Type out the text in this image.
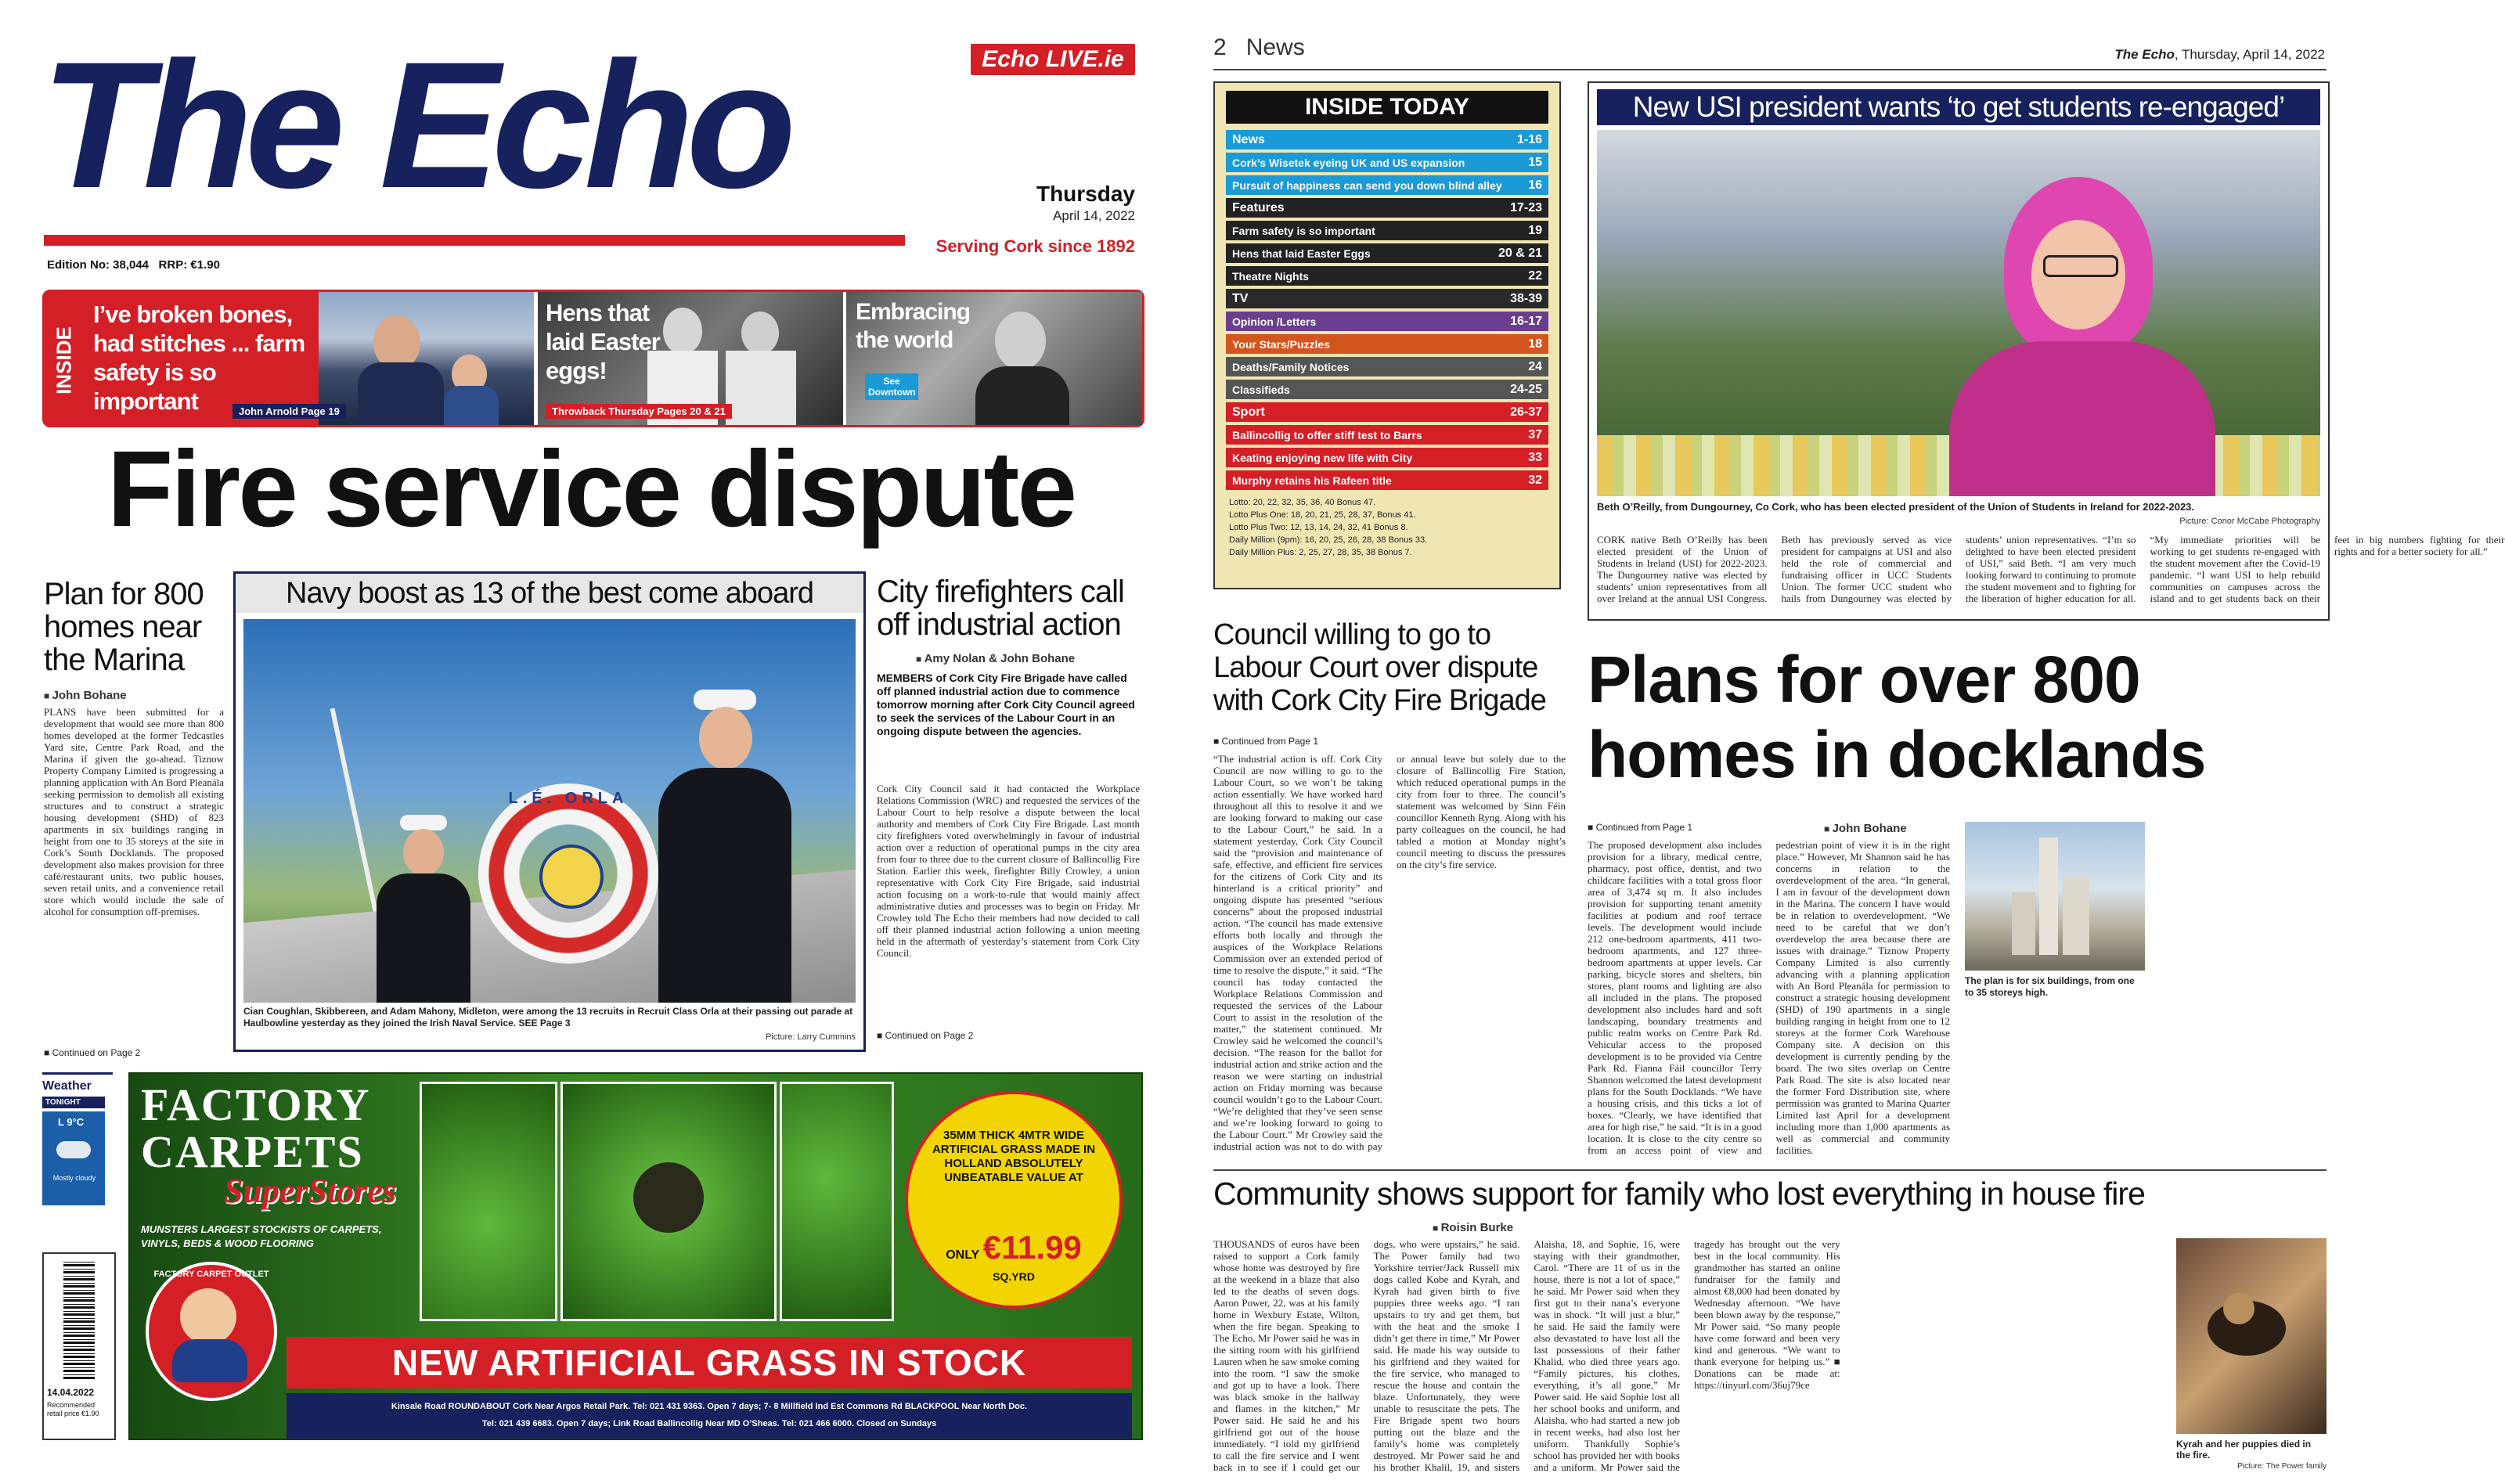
The Echo	Echo LIVE.ie
Thursday
April 14, 2022
Serving Cork since 1892
Edition No: 38,044 RRP: €1.90
INSIDE
I’ve broken bones, had stitches ... farm safety is so important	John Arnold Page 19
Hens that laid Easter eggs!
Throwback Thursday Pages 20 & 21
Embracing the world
See Downtown
Fire service dispute
Plan for 800 homes near the Marina
■ John Bohane
PLANS have been submitted for a development that would see more than 800 homes developed at the former Tedcastles Yard site, Centre Park Road, and the Marina if given the go-ahead. Tiznow Property Company Limited is progressing a planning application with An Bord Pleanála seeking permission to demolish all existing structures and to construct a strategic housing development (SHD) of 823 apartments in six buildings ranging in height from one to 35 storeys at the site in Cork’s South Docklands. The proposed development also makes provision for three café/restaurant units, two public houses, seven retail units, and a convenience retail store which would include the sale of alcohol for consumption off-premises.
■ Continued on Page 2
Navy boost as 13 of the best come aboard
L.É. ORLA
Cian Coughlan, Skibbereen, and Adam Mahony, Midleton, were among the 13 recruits in Recruit Class Orla at their passing out parade at Haulbowline yesterday as they joined the Irish Naval Service. SEE Page 3
Picture: Larry Cummins
City firefighters call off industrial action
■ Amy Nolan & John Bohane
MEMBERS of Cork City Fire Brigade have called off planned industrial action due to commence tomorrow morning after Cork City Council agreed to seek the services of the Labour Court in an ongoing dispute between the agencies.
Cork City Council said it had contacted the Workplace Relations Commission (WRC) and requested the services of the Labour Court to help resolve a dispute between the local authority and members of Cork City Fire Brigade. Last month city firefighters voted overwhelmingly in favour of industrial action over a reduction of operational pumps in the city area from four to three due to the current closure of Ballincollig Fire Station. Earlier this week, firefighter Billy Crowley, a union representative with Cork City Fire Brigade, said industrial action focusing on a work-to-rule that would mainly affect administrative duties and processes was to begin on Friday. Mr Crowley told The Echo their members had now decided to call off their planned industrial action following a union meeting held in the aftermath of yesterday’s statement from Cork City Council.
■ Continued on Page 2
Weather
TONIGHT
L 9°C
Mostly cloudy
14.04.2022
Recommended retail price €1.90
FACTORY
CARPETS
SuperStores
MUNSTERS LARGEST STOCKISTS OF CARPETS, VINYLS, BEDS & WOOD FLOORING
FACTORY CARPET OUTLET
35MM THICK 4MTR WIDE ARTIFICIAL GRASS MADE IN HOLLAND ABSOLUTELY UNBEATABLE VALUE AT
ONLY €11.99
SQ.YRD
NEW ARTIFICIAL GRASS IN STOCK
Kinsale Road ROUNDABOUT Cork Near Argos Retail Park. Tel: 021 431 9363. Open 7 days; 7- 8 Millfield Ind Est Commons Rd BLACKPOOL Near North Doc.
Tel: 021 439 6683. Open 7 days; Link Road Ballincollig Near MD O’Sheas. Tel: 021 466 6000. Closed on Sundays
2 News	The Echo, Thursday, April 14, 2022
INSIDE TODAY
News	1-16
Cork’s Wisetek eyeing UK and US expansion	15
Pursuit of happiness can send you down blind alley 16
Features	17-23
Farm safety is so important	19
Hens that laid Easter Eggs	20 & 21
Theatre Nights	22
TV	38-39
Opinion /Letters	16-17
Your Stars/Puzzles	18
Deaths/Family Notices	24
Classifieds	24-25
Sport	26-37
Ballincollig to offer stiff test to Barrs	37
Keating enjoying new life with City	33
Murphy retains his Rafeen title	32
Lotto: 20, 22, 32, 35, 36, 40 Bonus 47.
Lotto Plus One: 18, 20, 21, 25, 28, 37, Bonus 41.
Lotto Plus Two: 12, 13, 14, 24, 32, 41 Bonus 8.
Daily Million (9pm): 16, 20, 25, 26, 28, 38 Bonus 33.
Daily Million Plus: 2, 25, 27, 28, 35, 38 Bonus 7.
New USI president wants ‘to get students re-engaged’
Beth O’Reilly, from Dungourney, Co Cork, who has been elected president of the Union of Students in Ireland for 2022-2023.
Picture: Conor McCabe Photography
CORK native Beth O’Reilly has been elected president of the Union of Students in Ireland (USI) for 2022-2023. The Dungourney native was elected by students’ union representatives from all over Ireland at the annual USI Congress. Beth has previously served as vice president for campaigns at USI and also held the role of commercial and fundraising officer in UCC Students Union. The former UCC student who hails from Dungourney was elected by students’ union representatives. “I’m so delighted to have been elected president of USI,” said Beth. “I am very much looking forward to continuing to promote the student movement and to fighting for the liberation of higher education for all. “My immediate priorities will be working to get students re-engaged with the student movement after the Covid-19 pandemic. “I want USI to help rebuild communities on campuses across the island and to get students back on their feet in big numbers fighting for their rights and for a better society for all.”
Council willing to go to Labour Court over dispute with Cork City Fire Brigade
■ Continued from Page 1
“The industrial action is off. Cork City Council are now willing to go to the Labour Court, so we won’t be taking action essentially. We have worked hard throughout all this to resolve it and we are looking forward to making our case to the Labour Court,” he said. In a statement yesterday, Cork City Council said the “provision and maintenance of safe, effective, and efficient fire services for the citizens of Cork City and its hinterland is a critical priority” and ongoing dispute has presented “serious concerns” about the proposed industrial action. “The council has made extensive efforts both locally and through the auspices of the Workplace Relations Commission over an extended period of time to resolve the dispute,” it said. “The council has today contacted the Workplace Relations Commission and requested the services of the Labour Court to assist in the resolution of the matter,” the statement continued. Mr Crowley said he welcomed the council’s decision. “The reason for the ballot for industrial action and strike action and the reason we were starting on industrial action on Friday morning was because council wouldn’t go to the Labour Court. “We’re delighted that they’ve seen sense and we’re looking forward to going to the Labour Court.” Mr Crowley said the industrial action was not to do with pay or annual leave but solely due to the closure of Ballincollig Fire Station, which reduced operational pumps in the city from four to three. The council’s statement was welcomed by Sinn Féin councillor Kenneth Ryng. Along with his party colleagues on the council, he had tabled a motion at Monday night’s council meeting to discuss the pressures on the city’s fire service.
Plans for over 800 homes in docklands
■ Continued from Page 1	■ John Bohane
The plan is for six buildings, from one to 35 storeys high.
The proposed development also includes provision for a library, medical centre, pharmacy, post office, dentist, and two childcare facilities with a total gross floor area of 3,474 sq m. It also includes provision for supporting tenant amenity facilities at podium and roof terrace levels. The development would include 212 one-bedroom apartments, 411 two-bedroom apartments, and 127 three-bedroom apartments at upper levels. Car parking, bicycle stores and shelters, bin stores, plant rooms and lighting are also all included in the plans. The proposed development also includes hard and soft landscaping, boundary treatments and public realm works on Centre Park Rd. Vehicular access to the proposed development is to be provided via Centre Park Rd. Fianna Fáil councillor Terry Shannon welcomed the latest development plans for the South Docklands. “We have a housing crisis, and this ticks a lot of boxes. “Clearly, we have identified that area for high rise,” he said. “It is in a good location. It is close to the city centre so from an access point of view and pedestrian point of view it is in the right place.” However, Mr Shannon said he has concerns in relation to the overdevelopment of the area. “In general, I am in favour of the development down in the Marina. The concern I have would be in relation to overdevelopment. “We need to be careful that we don’t overdevelop the area because there are issues with drainage.” Tiznow Property Company Limited is also currently advancing with a planning application with An Bord Pleanála for permission to construct a strategic housing development (SHD) of 190 apartments in a single building ranging in height from one to 12 storeys at the former Cork Warehouse Company site. A decision on this development is currently pending by the board. The two sites overlap on Centre Park Road. The site is also located near the former Ford Distribution site, where permission was granted to Marina Quarter Limited last April for a development including more than 1,000 apartments as well as commercial and community facilities.
Community shows support for family who lost everything in house fire
■ Roisin Burke
THOUSANDS of euros have been raised to support a Cork family whose home was destroyed by fire at the weekend in a blaze that also led to the deaths of seven dogs. Aaron Power, 22, was at his family home in Wexbury Estate, Wilton, when the fire began. Speaking to The Echo, Mr Power said he was in the sitting room with his girlfriend Lauren when he saw smoke coming into the room. “I saw the smoke and got up to have a look. There was black smoke in the hallway and flames in the kitchen,” Mr Power said. He said he and his girlfriend got out of the house immediately. “I told my girlfriend to call the fire service and I went back in to see if I could get our dogs, who were upstairs,” he said. The Power family had two Yorkshire terrier/Jack Russell mix dogs called Kobe and Kyrah, and Kyrah had given birth to five puppies three weeks ago. “I ran upstairs to try and get them, but with the heat and the smoke I didn’t get there in time,” Mr Power said. He made his way outside to his girlfriend and they waited for the fire service, who managed to rescue the house and contain the blaze. Unfortunately, they were unable to resuscitate the pets. The Fire Brigade spent two hours putting out the blaze and the family’s home was completely destroyed. Mr Power said he and his brother Khalil, 19, and sisters Alaisha, 18, and Sophie, 16, were staying with their grandmother, Carol. “There are 11 of us in the house, there is not a lot of space,” he said. Mr Power said when they first got to their nana’s everyone was in shock. “It will just a blur,” he said. He said the family were also devastated to have lost all the last possessions of their father Khalid, who died three years ago. “Family pictures, his clothes, everything, it’s all gone,” Mr Power said. He said Sophie lost all her school books and uniform, and Alaisha, who had started a new job in recent weeks, had also lost her uniform. Thankfully Sophie’s school has provided her with books and a uniform. Mr Power said the tragedy has brought out the very best in the local community. His grandmother has started an online fundraiser for the family and almost €8,000 had been donated by Wednesday afternoon. “We have been blown away by the response,” Mr Power said. “So many people have come forward and been very kind and generous. “We want to thank everyone for helping us.” ■ Donations can be made at: https://tinyurl.com/36uj79ce
Kyrah and her puppies died in the fire.
Picture: The Power family
